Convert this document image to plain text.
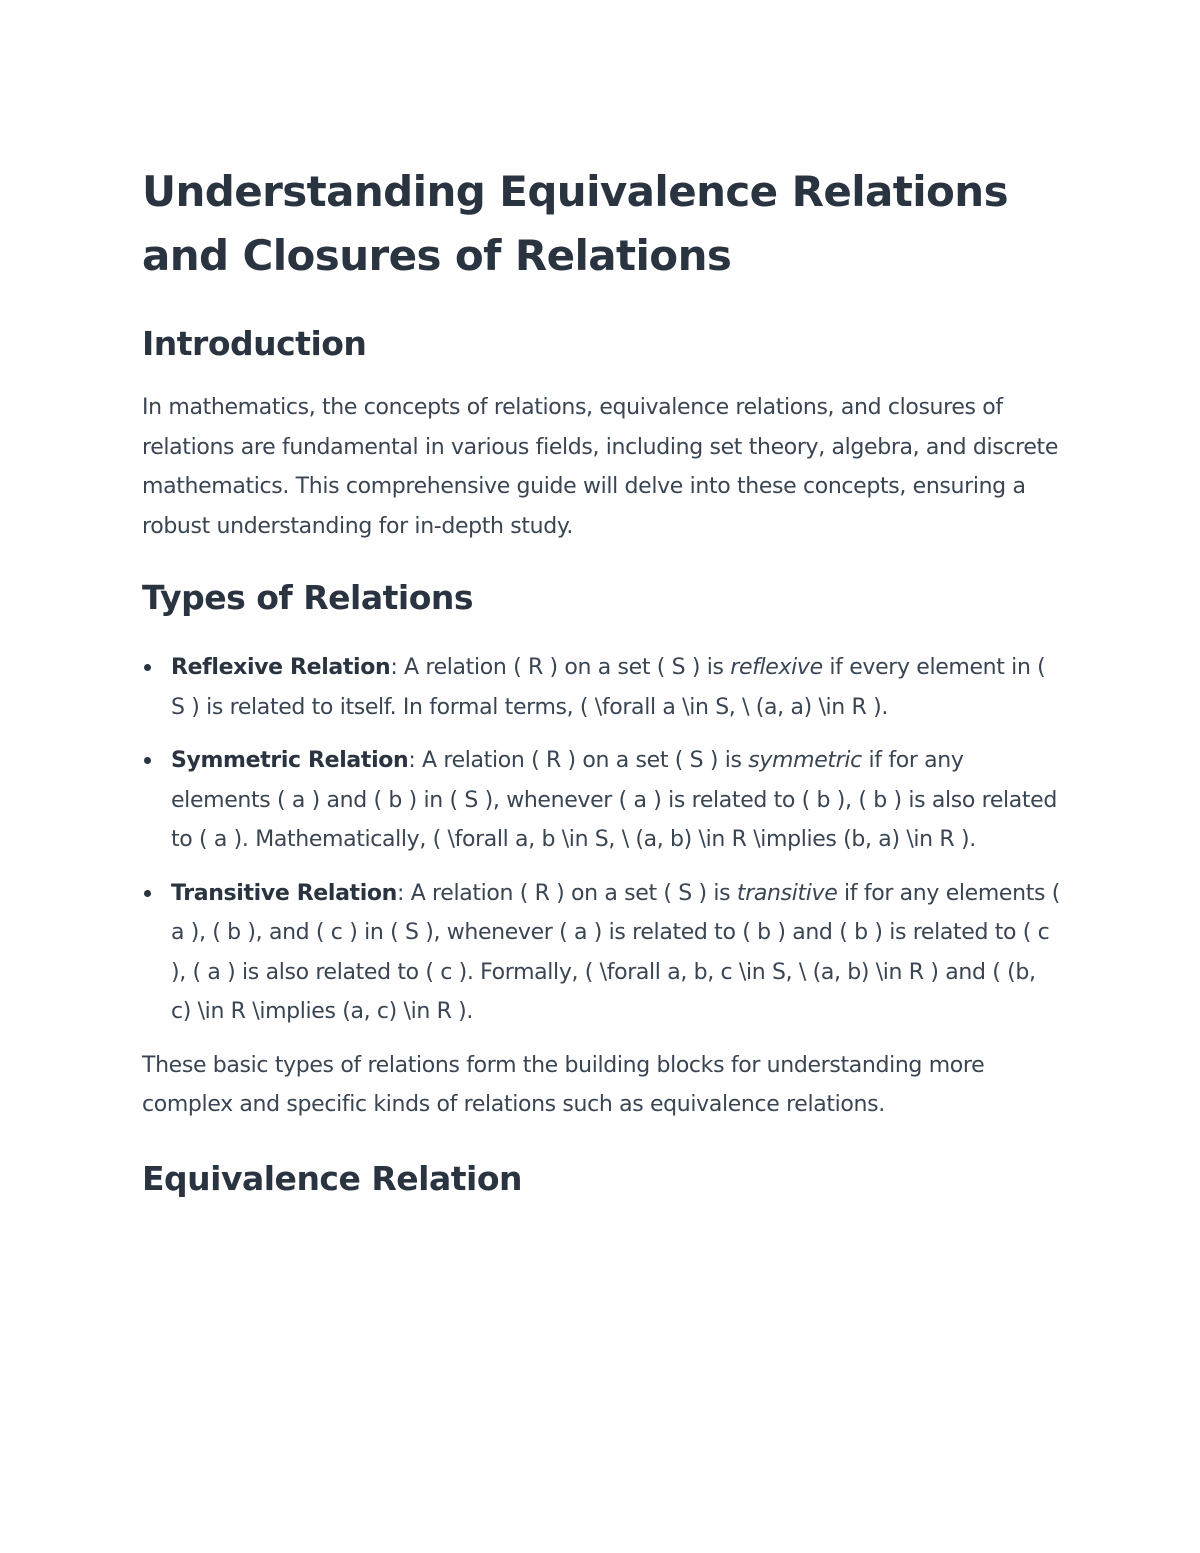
Understanding Equivalence Relations and Closures of Relations
Introduction

In mathematics, the concepts of relations, equivalence relations, and closures of relations are fundamental in various fields, including set theory, algebra, and discrete mathematics. This comprehensive guide will delve into these concepts, ensuring a robust understanding for in-depth study.

Types of Relations
Reflexive Relation: A relation ( R ) on a set ( S ) is reflexive if every element in ( S ) is related to itself. In formal terms, ( \forall a \in S, \ (a, a) \in R ).
Symmetric Relation: A relation ( R ) on a set ( S ) is symmetric if for any elements ( a ) and ( b ) in ( S ), whenever ( a ) is related to ( b ), ( b ) is also related to ( a ). Mathematically, ( \forall a, b \in S, \ (a, b) \in R \implies (b, a) \in R ).
Transitive Relation: A relation ( R ) on a set ( S ) is transitive if for any elements ( a ), ( b ), and ( c ) in ( S ), whenever ( a ) is related to ( b ) and ( b ) is related to ( c ), ( a ) is also related to ( c ). Formally, ( \forall a, b, c \in S, \ (a, b) \in R ) and ( (b, c) \in R \implies (a, c) \in R ).

These basic types of relations form the building blocks for understanding more complex and specific kinds of relations such as equivalence relations.

Equivalence Relation
